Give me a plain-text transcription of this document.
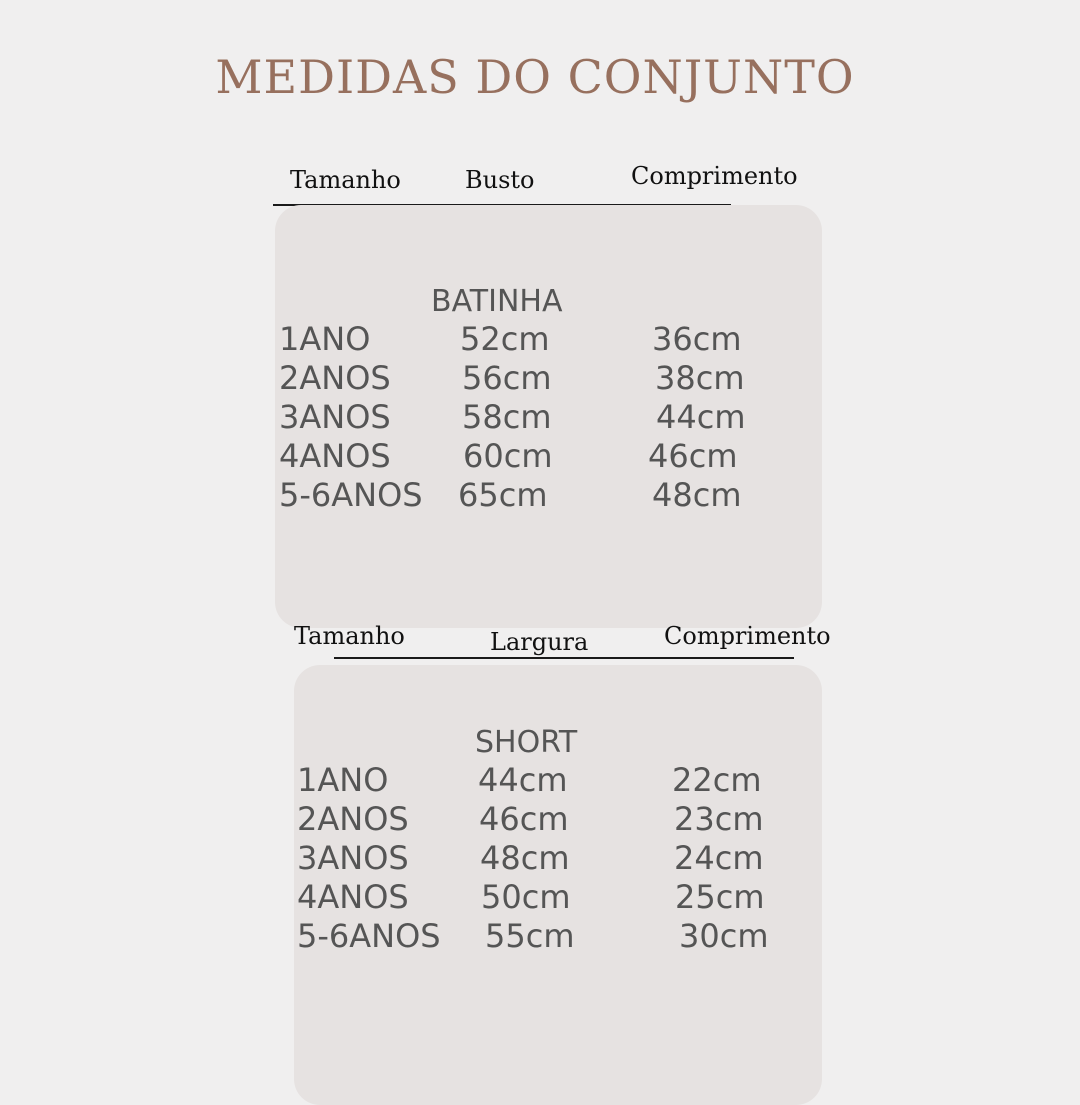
MEDIDAS DO CONJUNTO
Tamanho	Busto	Comprimento
BATINHA
1ANO	52cm	36cm
2ANOS 56cm	38cm
3ANOS 58cm	44cm
4ANOS 60cm	46cm
5-6ANOS 65cm	48cm
Tamanho	Largura	Comprimento
SHORT
1ANO	44cm	22cm
2ANOS 46cm	23cm
3ANOS 48cm	24cm
4ANOS 50cm	25cm
5-6ANOS 55cm	30cm
